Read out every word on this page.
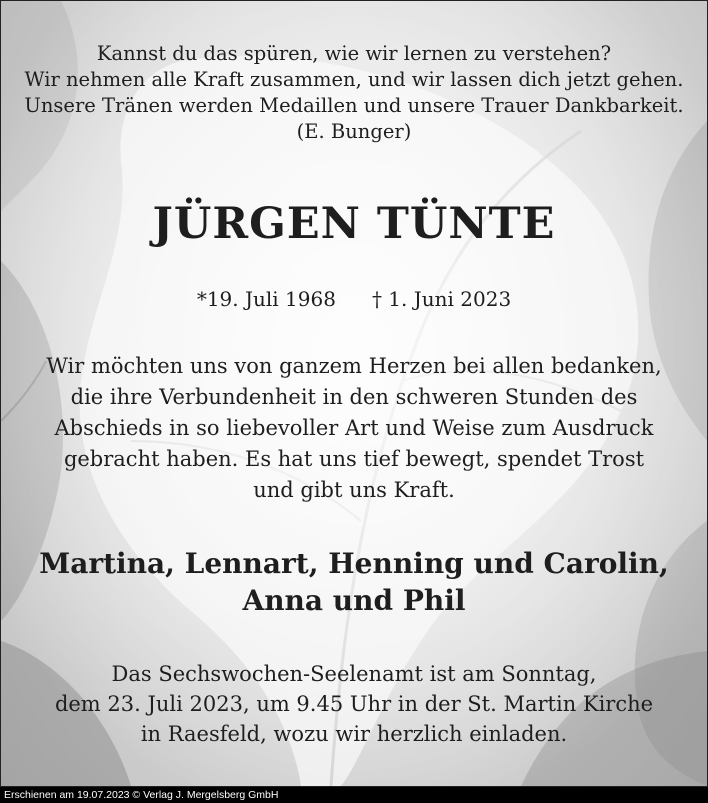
Kannst du das spüren, wie wir lernen zu verstehen?
Wir nehmen alle Kraft zusammen, und wir lassen dich jetzt gehen.
Unsere Tränen werden Medaillen und unsere Trauer Dankbarkeit.
(E. Bunger)
JÜRGEN TÜNTE
*19. Juli 1968 † 1. Juni 2023
Wir möchten uns von ganzem Herzen bei allen bedanken,
die ihre Verbundenheit in den schweren Stunden des
Abschieds in so liebevoller Art und Weise zum Ausdruck
gebracht haben. Es hat uns tief bewegt, spendet Trost
und gibt uns Kraft.
Martina, Lennart, Henning und Carolin,
Anna und Phil
Das Sechswochen-Seelenamt ist am Sonntag,
dem 23. Juli 2023, um 9.45 Uhr in der St. Martin Kirche
in Raesfeld, wozu wir herzlich einladen.
Erschienen am 19.07.2023 © Verlag J. Mergelsberg GmbH
